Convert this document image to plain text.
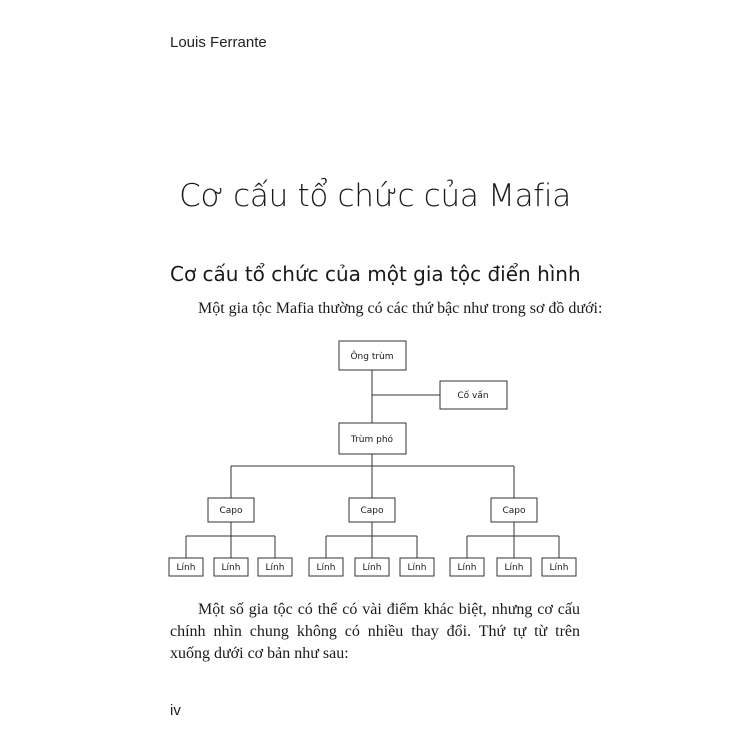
Louis Ferrante
Cơ cấu tổ chức của Mafia
Cơ cấu tổ chức của một gia tộc điển hình
Một gia tộc Mafia thường có các thứ bậc như trong sơ đồ dưới:
Ông trùm
Cố vấn
Trùm phó
Capo	Capo	Capo
Lính	Lính	Lính	Lính	Lính	Lính	Lính	Lính	Lính
Một số gia tộc có thể có vài điểm khác biệt, nhưng cơ cấu chính nhìn chung không có nhiều thay đổi. Thứ tự từ trên xuống dưới cơ bản như sau:
iv
